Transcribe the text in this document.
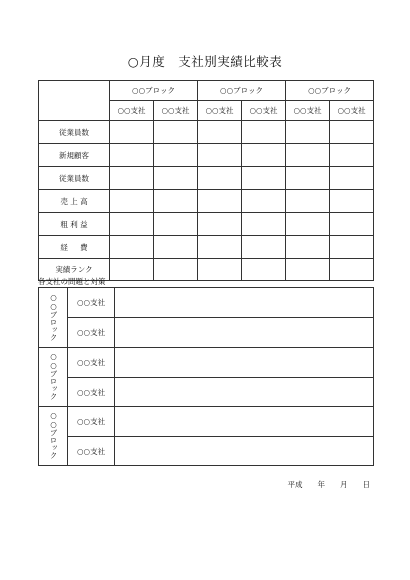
○月度　支社別実績比較表
	○○ブロック		○○ブロック		○○ブロック	
	○○支社	○○支社	○○支社	○○支社	○○支社	○○支社
従業員数						
新規顧客						
従業員数						
売 上 高						
粗 利 益						
経 　 費						
実績ランク						
各支社の問題と対策
○○ブロック	○○支社	
	○○支社	
○○ブロック	○○支社	
	○○支社	
○○ブロック	○○支社	
	○○支社	
平成　　年　　月　　日
